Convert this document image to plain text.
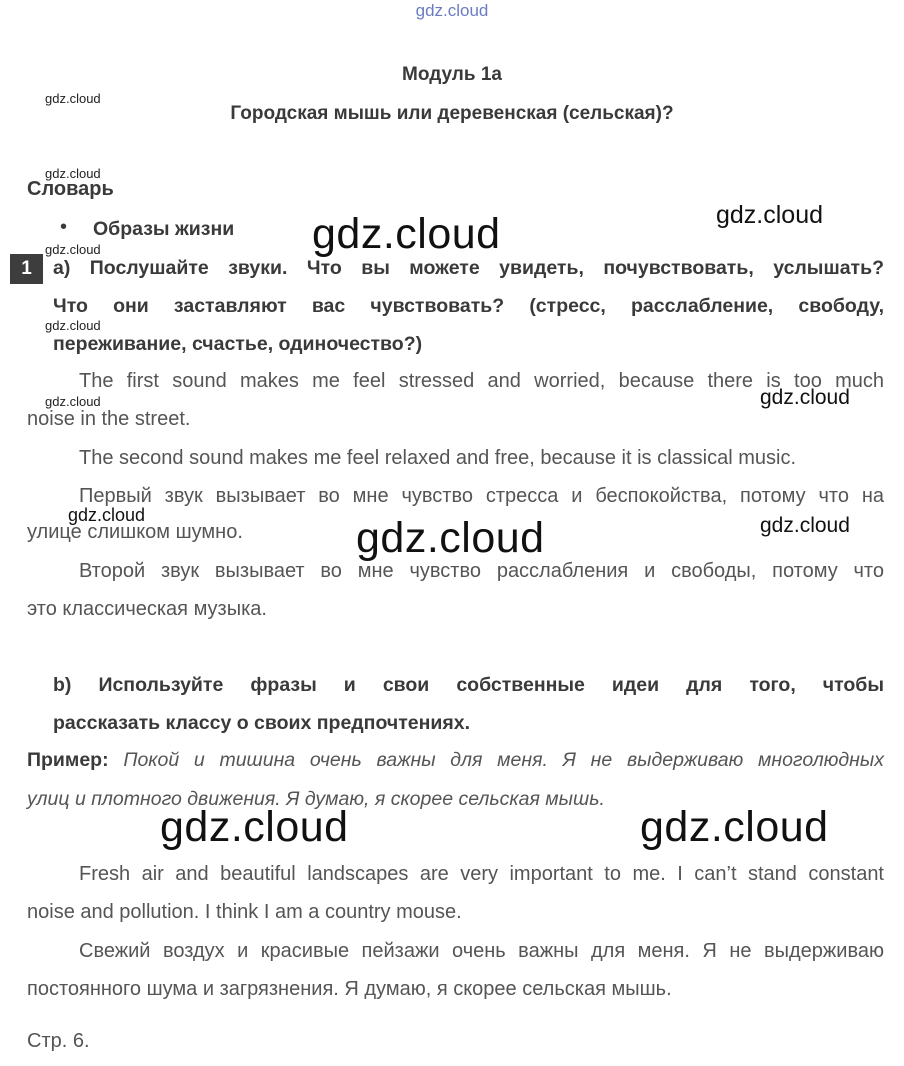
gdz.cloud
Модуль 1a
Городская мышь или деревенская (сельская)?
gdz.cloud
gdz.cloud
gdz.cloud
gdz.cloud
gdz.cloud
Словарь
• Образы жизни
1	a) Послушайте звуки. Что вы можете увидеть, почувствовать, услышать?
Что они заставляют вас чувствовать? (стресс, расслабление, свободу,
переживание, счастье, одиночество?)
The first sound makes me feel stressed and worried, because there is too much
noise in the street.
The second sound makes me feel relaxed and free, because it is classical music.
Первый звук вызывает во мне чувство стресса и беспокойства, потому что на
улице слишком шумно.
Второй звук вызывает во мне чувство расслабления и свободы, потому что
это классическая музыка.
b) Используйте фразы и свои собственные идеи для того, чтобы
рассказать классу о своих предпочтениях.
Пример: Покой и тишина очень важны для меня. Я не выдерживаю многолюдных
улиц и плотного движения. Я думаю, я скорее сельская мышь.
Fresh air and beautiful landscapes are very important to me. I can’t stand constant
noise and pollution. I think I am a country mouse.
Свежий воздух и красивые пейзажи очень важны для меня. Я не выдерживаю
постоянного шума и загрязнения. Я думаю, я скорее сельская мышь.
Стр. 6.
gdz.cloud
gdz.cloud
gdz.cloud
gdz.cloud	gdz.cloud
gdz.cloud
gdz.cloud	gdz.cloud
